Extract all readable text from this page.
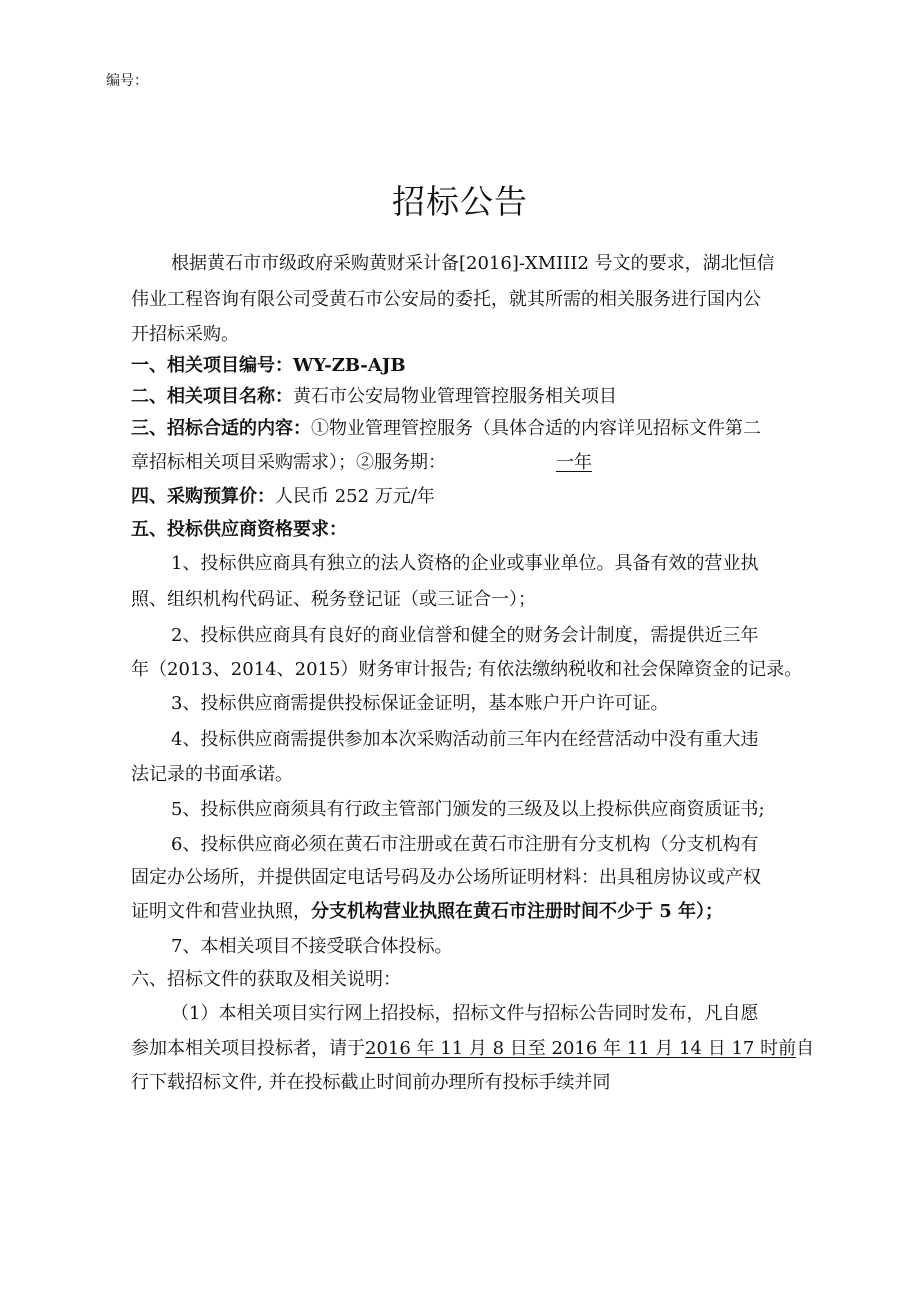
编号：
招标公告
根据黄石市市级政府采购黄财采计备[2016]-XMIII2 号文的要求，湖北恒信
伟业工程咨询有限公司受黄石市公安局的委托，就其所需的相关服务进行国内公
开招标采购。
一、相关项目编号：WY-ZB-AJB
二、相关项目名称：黄石市公安局物业管理管控服务相关项目
三、招标合适的内容：①物业管理管控服务（具体合适的内容详见招标文件第二
章招标相关项目采购需求）；②服务期：	一年
四、采购预算价：人民币 252 万元/年
五、投标供应商资格要求：
1、投标供应商具有独立的法人资格的企业或事业单位。具备有效的营业执
照、组织机构代码证、税务登记证（或三证合一）；
2、投标供应商具有良好的商业信誉和健全的财务会计制度，需提供近三年
年（2013、2014、2015）财务审计报告; 有依法缴纳税收和社会保障资金的记录。
3、投标供应商需提供投标保证金证明，基本账户开户许可证。
4、投标供应商需提供参加本次采购活动前三年内在经营活动中没有重大违
法记录的书面承诺。
5、投标供应商须具有行政主管部门颁发的三级及以上投标供应商资质证书;
6、投标供应商必须在黄石市注册或在黄石市注册有分支机构（分支机构有
固定办公场所，并提供固定电话号码及办公场所证明材料：出具租房协议或产权
证明文件和营业执照，分支机构营业执照在黄石市注册时间不少于 5 年）；
7、本相关项目不接受联合体投标。
六、招标文件的获取及相关说明：
（1）本相关项目实行网上招投标，招标文件与招标公告同时发布，凡自愿
参加本相关项目投标者，请于2016 年 11 月 8 日至 2016 年 11 月 14 日 17 时前自
行下载招标文件, 并在投标截止时间前办理所有投标手续并同
